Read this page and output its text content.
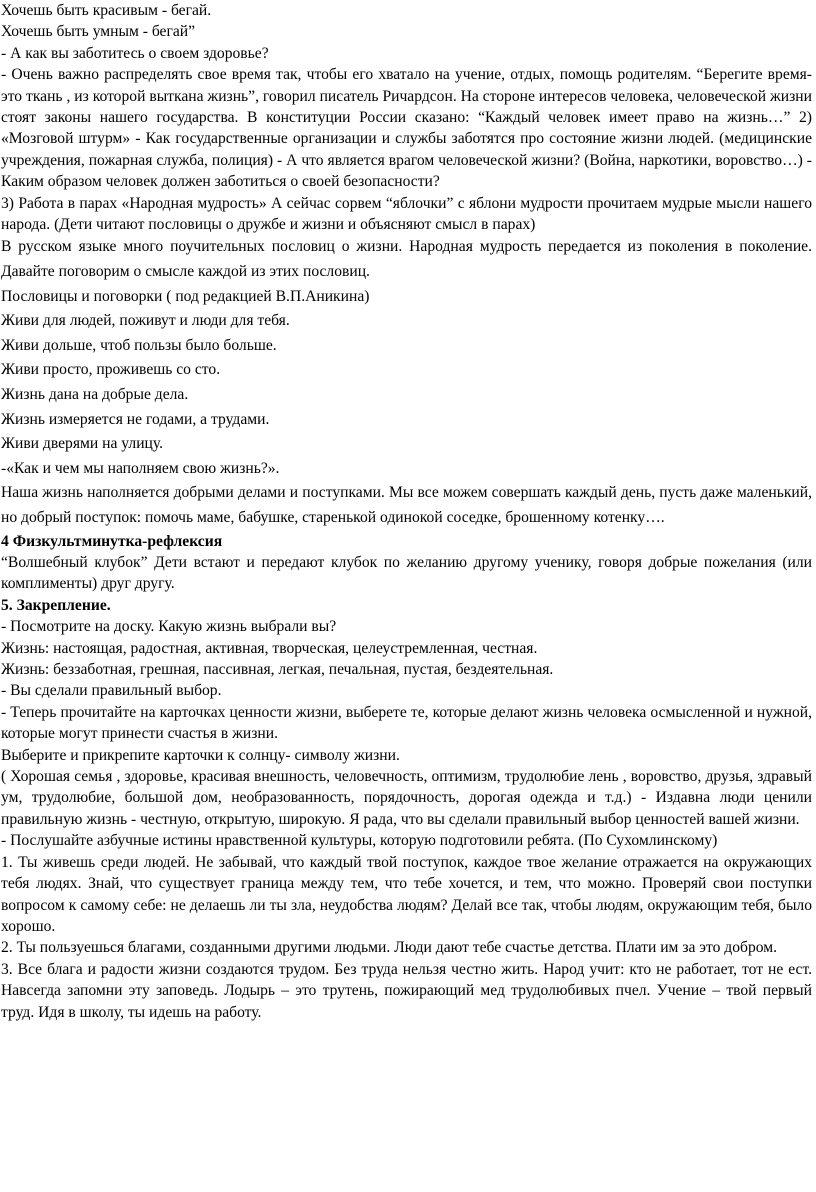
Хочешь быть красивым - бегай.

Хочешь быть умным - бегай”

- А как вы заботитесь о своем здоровье?

- Очень важно распределять свое время так, чтобы его хватало на учение, отдых, помощь родителям. “Берегите время- это ткань , из которой выткана жизнь”, говорил писатель Ричардсон. На стороне интересов человека, человеческой жизни стоят законы нашего государства. В конституции России сказано: “Каждый человек имеет право на жизнь…” 2) «Мозговой штурм» - Как государственные организации и службы заботятся про состояние жизни людей. (медицинские учреждения, пожарная служба, полиция) - А что является врагом человеческой жизни? (Война, наркотики, воровство…) - Каким образом человек должен заботиться о своей безопасности?

3) Работа в парах «Народная мудрость» А сейчас сорвем “яблочки” с яблони мудрости прочитаем мудрые мысли нашего народа. (Дети читают пословицы о дружбе и жизни и объясняют смысл в парах)

В русском языке много поучительных пословиц о жизни. Народная мудрость передается из поколения в поколение. Давайте поговорим о смысле каждой из этих пословиц.

Пословицы и поговорки ( под редакцией В.П.Аникина)

Живи для людей, поживут и люди для тебя.

Живи дольше, чтоб пользы было больше.

Живи просто, проживешь со сто.

Жизнь дана на добрые дела.

Жизнь измеряется не годами, а трудами.

Живи дверями на улицу.

-«Как и чем мы наполняем свою жизнь?».

Наша жизнь наполняется добрыми делами и поступками. Мы все можем совершать каждый день, пусть даже маленький, но добрый поступок: помочь маме, бабушке, старенькой одинокой соседке, брошенному котенку….

4 Физкультминутка-рефлексия

“Волшебный клубок” Дети встают и передают клубок по желанию другому ученику, говоря добрые пожелания (или комплименты) друг другу.

5. Закрепление.

- Посмотрите на доску. Какую жизнь выбрали вы?

Жизнь: настоящая, радостная, активная, творческая, целеустремленная, честная.

Жизнь: беззаботная, грешная, пассивная, легкая, печальная, пустая, бездеятельная.

- Вы сделали правильный выбор.

- Теперь прочитайте на карточках ценности жизни, выберете те, которые делают жизнь человека осмысленной и нужной, которые могут принести счастья в жизни.

Выберите и прикрепите карточки к солнцу- символу жизни.

( Хорошая семья , здоровье, красивая внешность, человечность, оптимизм, трудолюбие лень , воровство, друзья, здравый ум, трудолюбие, большой дом, необразованность, порядочность, дорогая одежда и т.д.) - Издавна люди ценили правильную жизнь - честную, открытую, широкую. Я рада, что вы сделали правильный выбор ценностей вашей жизни.

- Послушайте азбучные истины нравственной культуры, которую подготовили ребята. (По Сухомлинскому)

1. Ты живешь среди людей. Не забывай, что каждый твой поступок, каждое твое желание отражается на окружающих тебя людях. Знай, что существует граница между тем, что тебе хочется, и тем, что можно. Проверяй свои поступки вопросом к самому себе: не делаешь ли ты зла, неудобства людям? Делай все так, чтобы людям, окружающим тебя, было хорошо.

2. Ты пользуешься благами, созданными другими людьми. Люди дают тебе счастье детства. Плати им за это добром.

3. Все блага и радости жизни создаются трудом. Без труда нельзя честно жить. Народ учит: кто не работает, тот не ест. Навсегда запомни эту заповедь. Лодырь – это трутень, пожирающий мед трудолюбивых пчел. Учение – твой первый труд. Идя в школу, ты идешь на работу.
